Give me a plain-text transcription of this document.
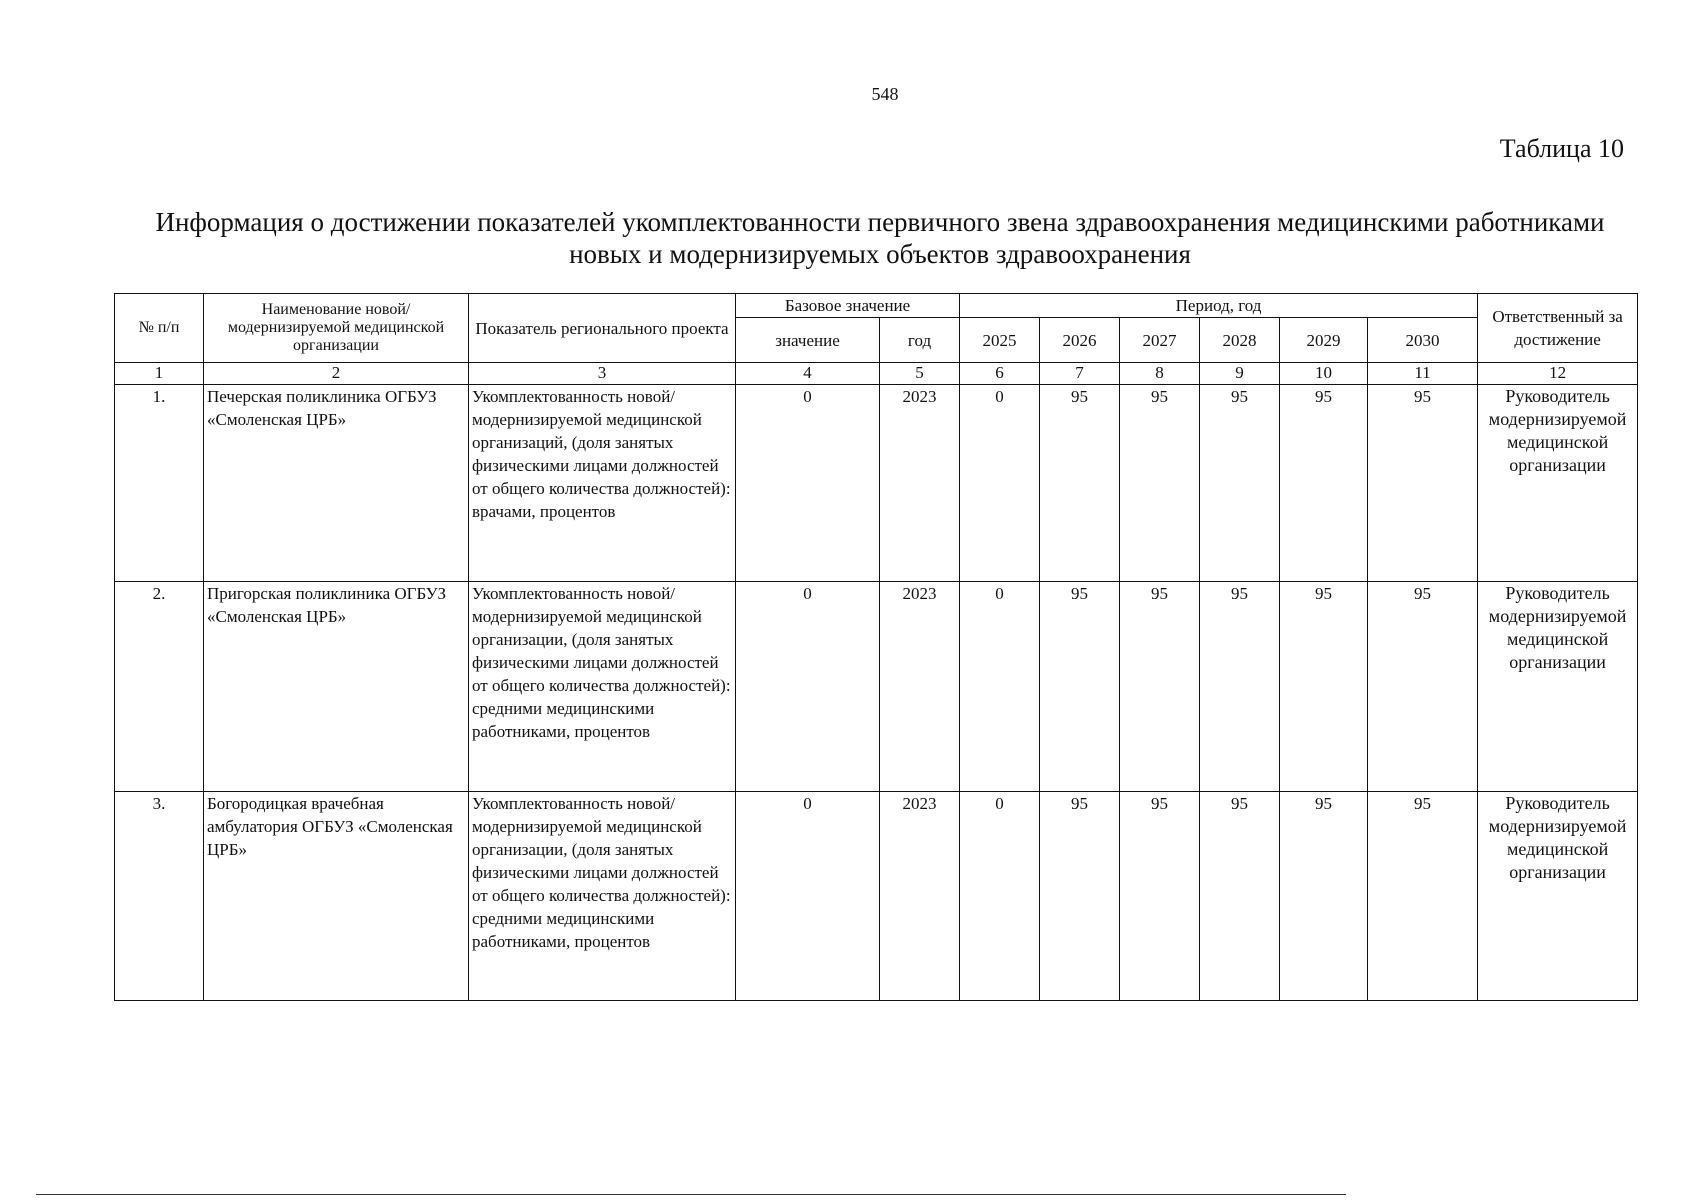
548
Таблица 10
Информация о достижении показателей укомплектованности первичного звена здравоохранения медицинскими работниками
новых и модернизируемых объектов здравоохранения
№ п/п	Наименование новой/модернизируемой медицинской организации	Показатель регионального проекта	Базовое значение		Период, год						Ответственный за достижение
			значение	год	2025	2026	2027	2028	2029	2030	
1	2	3	4	5	6	7	8	9	10	11	12
1.	Печерская поликлиника ОГБУЗ «Смоленская ЦРБ»	Укомплектованность новой/модернизируемой медицинской организаций, (доля занятых физическими лицами должностей от общего количества должностей): врачами, процентов	0	2023	0	95	95	95	95	95	Руководитель модернизируемой медицинской организации
2.	Пригорская поликлиника ОГБУЗ «Смоленская ЦРБ»	Укомплектованность новой/модернизируемой медицинской организации, (доля занятых физическими лицами должностей от общего количества должностей): средними медицинскими работниками, процентов	0	2023	0	95	95	95	95	95	Руководитель модернизируемой медицинской организации
3.	Богородицкая врачебная амбулатория ОГБУЗ «Смоленская ЦРБ»	Укомплектованность новой/модернизируемой медицинской организации, (доля занятых физическими лицами должностей от общего количества должностей): средними медицинскими работниками, процентов	0	2023	0	95	95	95	95	95	Руководитель модернизируемой медицинской организации
